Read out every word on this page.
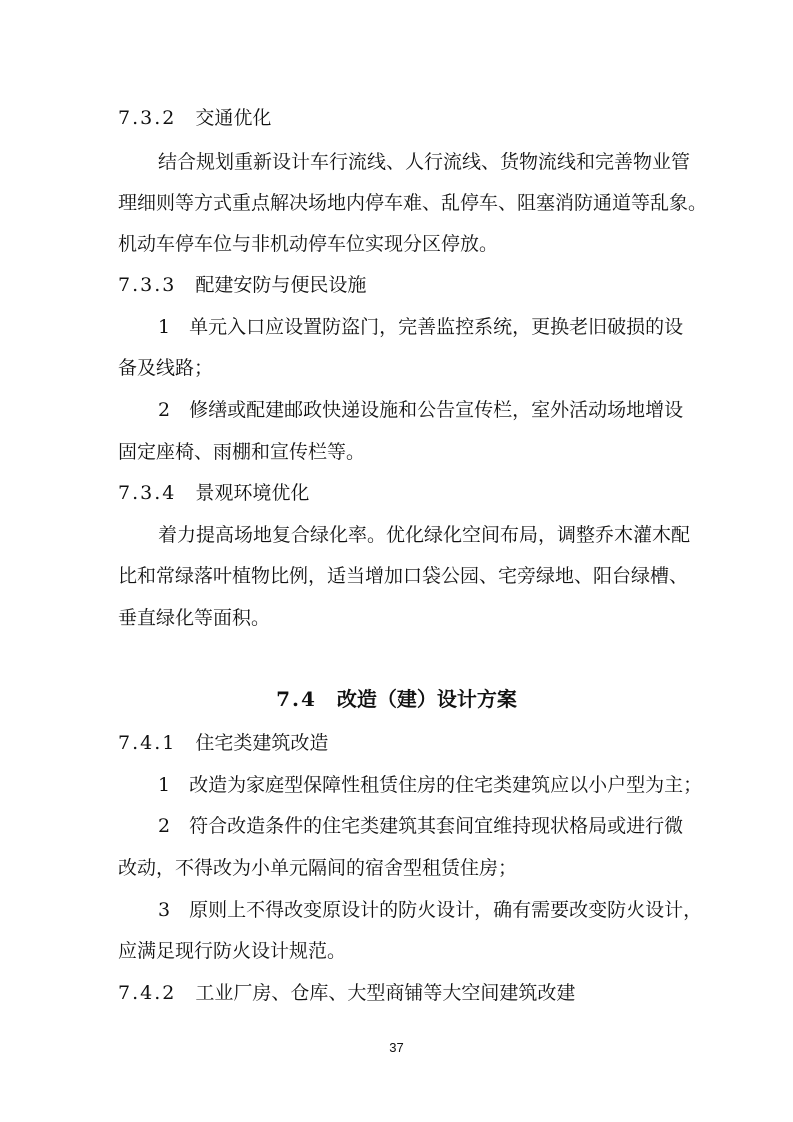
7.3.2　 交通优化
结合规划重新设计车行流线、人行流线、货物流线和完善物业管
理细则等方式重点解决场地内停车难、乱停车、阻塞消防通道等乱象。
机动车停车位与非机动停车位实现分区停放。
7.3.3　 配建安防与便民设施
1　单元入口应设置防盗门，完善监控系统，更换老旧破损的设
备及线路；
2　修缮或配建邮政快递设施和公告宣传栏，室外活动场地增设
固定座椅、雨棚和宣传栏等。
7.3.4　 景观环境优化
着力提高场地复合绿化率。优化绿化空间布局，调整乔木灌木配
比和常绿落叶植物比例，适当增加口袋公园、宅旁绿地、阳台绿槽、
垂直绿化等面积。
7.4　 改造（建）设计方案
7.4.1　 住宅类建筑改造
1　改造为家庭型保障性租赁住房的住宅类建筑应以小户型为主；
2　符合改造条件的住宅类建筑其套间宜维持现状格局或进行微
改动，不得改为小单元隔间的宿舍型租赁住房；
3　原则上不得改变原设计的防火设计，确有需要改变防火设计，
应满足现行防火设计规范。
7.4.2　 工业厂房、仓库、大型商铺等大空间建筑改建
37
